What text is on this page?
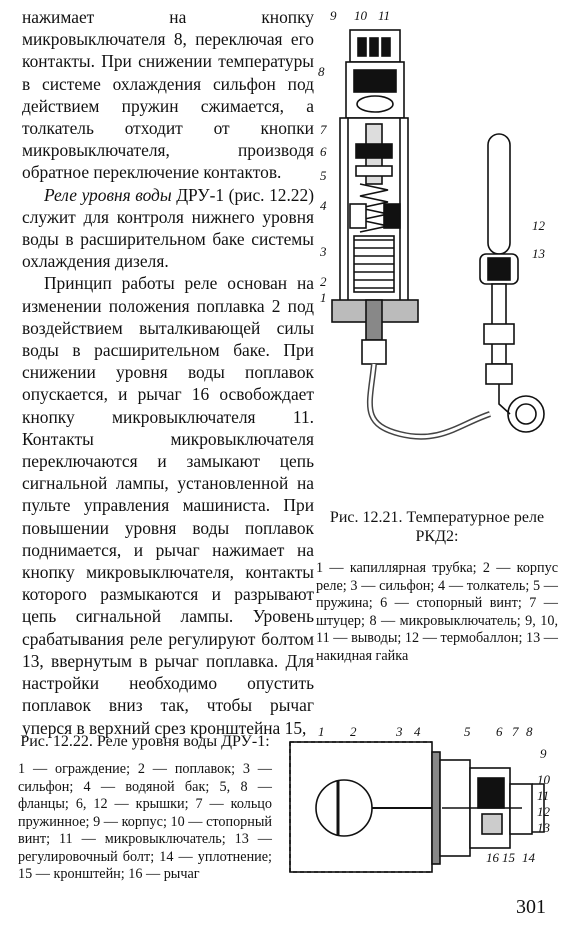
нажимает на кнопку микровыключателя 8, переключая его контакты. При снижении температуры в системе охлаждения сильфон под действием пружин сжимается, а толкатель отходит от кнопки микровыключателя, производя обратное переключение контактов.

Реле уровня воды ДРУ-1 (рис. 12.22) служит для контроля нижнего уровня воды в расширительном баке системы охлаждения дизеля.

Принцип работы реле основан на изменении положения поплавка 2 под воздействием выталкивающей силы воды в расширительном баке. При снижении уровня воды поплавок опускается, и рычаг 16 освобождает кнопку микровыключателя 11. Контакты микровыключателя переключаются и замыкают цепь сигнальной лампы, установленной на пульте управления машиниста. При повышении уровня воды поплавок поднимается, и рычаг нажимает на кнопку микровыключателя, контакты которого размыкаются и разрывают цепь сигнальной лампы. Уровень срабатывания реле регулируют болтом 13, ввернутым в рычаг поплавка. Для настройки необходимо опустить поплавок вниз так, чтобы рычаг уперся в верхний срез кронштейна 15,

9 10 11
8
7
6
5
4
3
2
1
12
13
Рис. 12.21. Температурное реле РКД2:
1 — капиллярная трубка; 2 — корпус реле; 3 — сильфон; 4 — толкатель; 5 — пружина; 6 — стопорный винт; 7 — штуцер; 8 — микровыключатель; 9, 10, 11 — выводы; 12 — термобаллон; 13 — накидная гайка
Рис. 12.22. Реле уровня воды ДРУ-1:
1 — ограждение; 2 — поплавок; 3 — сильфон; 4 — водяной бак; 5, 8 — фланцы; 6, 12 — крышки; 7 — кольцо пружинное; 9 — корпус; 10 — стопорный винт; 11 — микровыключатель; 13 — регулировочный болт; 14 — уплотнение; 15 — кронштейн; 16 — рычаг
1 2	3 4	5 6 7 8
9
10
11
12
13
16 15 14
301
